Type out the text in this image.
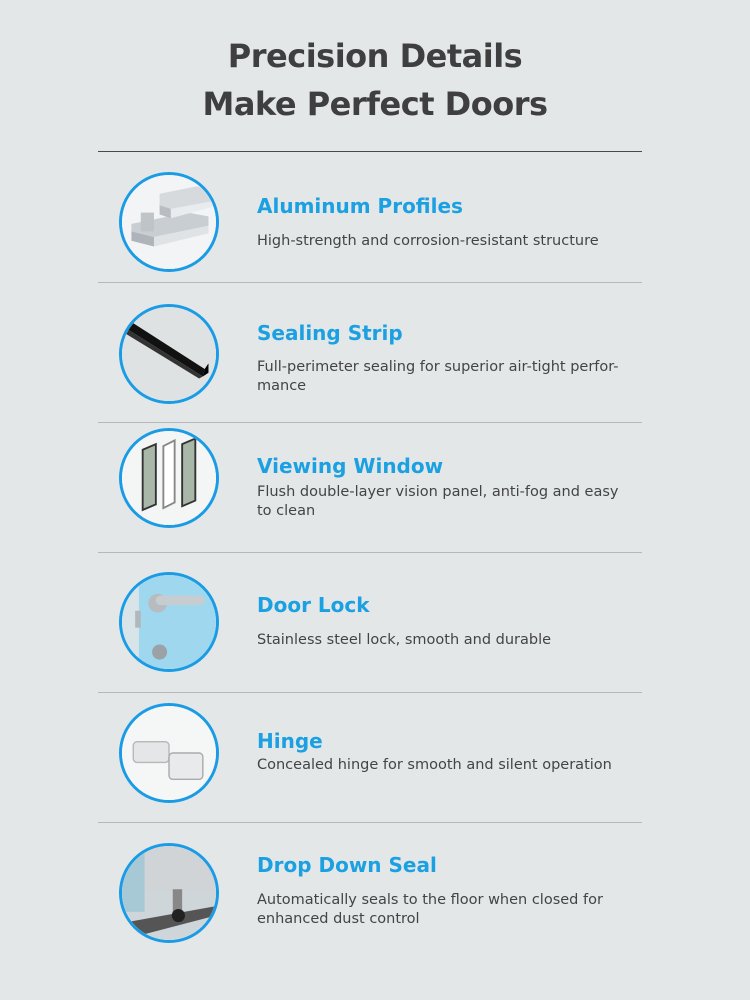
Precision Details
Make Perfect Doors
Aluminum Profiles
High-strength and corrosion-resistant structure
Sealing Strip
Full-perimeter sealing for superior air-tight perfor-mance
Viewing Window
Flush double-layer vision panel, anti-fog and easy to clean
Door Lock
Stainless steel lock, smooth and durable
Hinge
Concealed hinge for smooth and silent operation
Drop Down Seal
Automatically seals to the floor when closed for enhanced dust control
